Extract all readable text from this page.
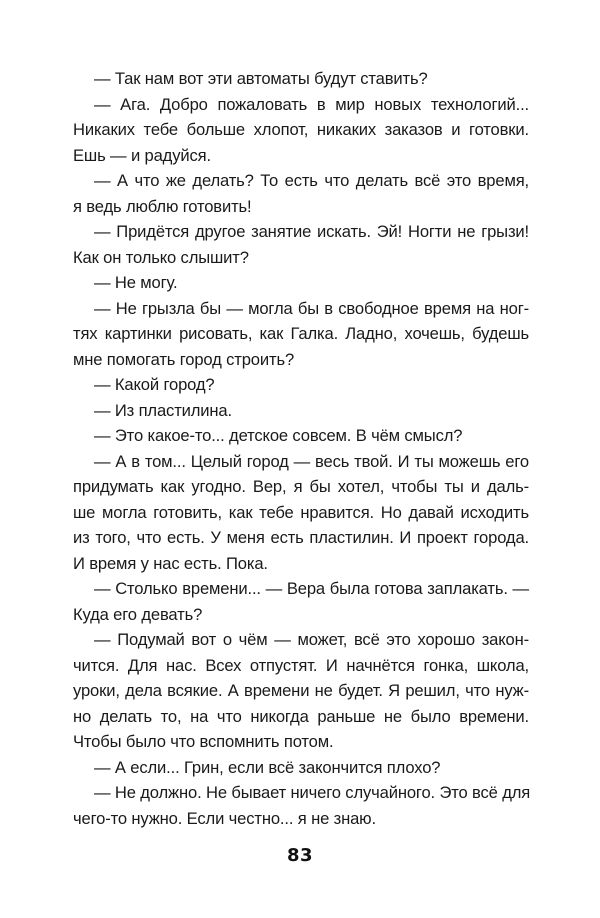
— Так нам вот эти автоматы будут ставить?
— Ага. Добро пожаловать в мир новых технологий...
Никаких тебе больше хлопот, никаких заказов и готовки.
Ешь — и радуйся.
— А что же делать? То есть что делать всё это время,
я ведь люблю готовить!
— Придётся другое занятие искать. Эй! Ногти не грызи!
Как он только слышит?
— Не могу.
— Не грызла бы — могла бы в свободное время на ног-
тях картинки рисовать, как Галка. Ладно, хочешь, будешь
мне помогать город строить?
— Какой город?
— Из пластилина.
— Это какое-то... детское совсем. В чём смысл?
— А в том... Целый город — весь твой. И ты можешь его
придумать как угодно. Вер, я бы хотел, чтобы ты и даль-
ше могла готовить, как тебе нравится. Но давай исходить
из того, что есть. У меня есть пластилин. И проект города.
И время у нас есть. Пока.
— Столько времени... — Вера была готова заплакать. —
Куда его девать?
— Подумай вот о чём — может, всё это хорошо закон-
чится. Для нас. Всех отпустят. И начнётся гонка, школа,
уроки, дела всякие. А времени не будет. Я решил, что нуж-
но делать то, на что никогда раньше не было времени.
Чтобы было что вспомнить потом.
— А если... Грин, если всё закончится плохо?
— Не должно. Не бывает ничего случайного. Это всё для
чего-то нужно. Если честно... я не знаю.
83
